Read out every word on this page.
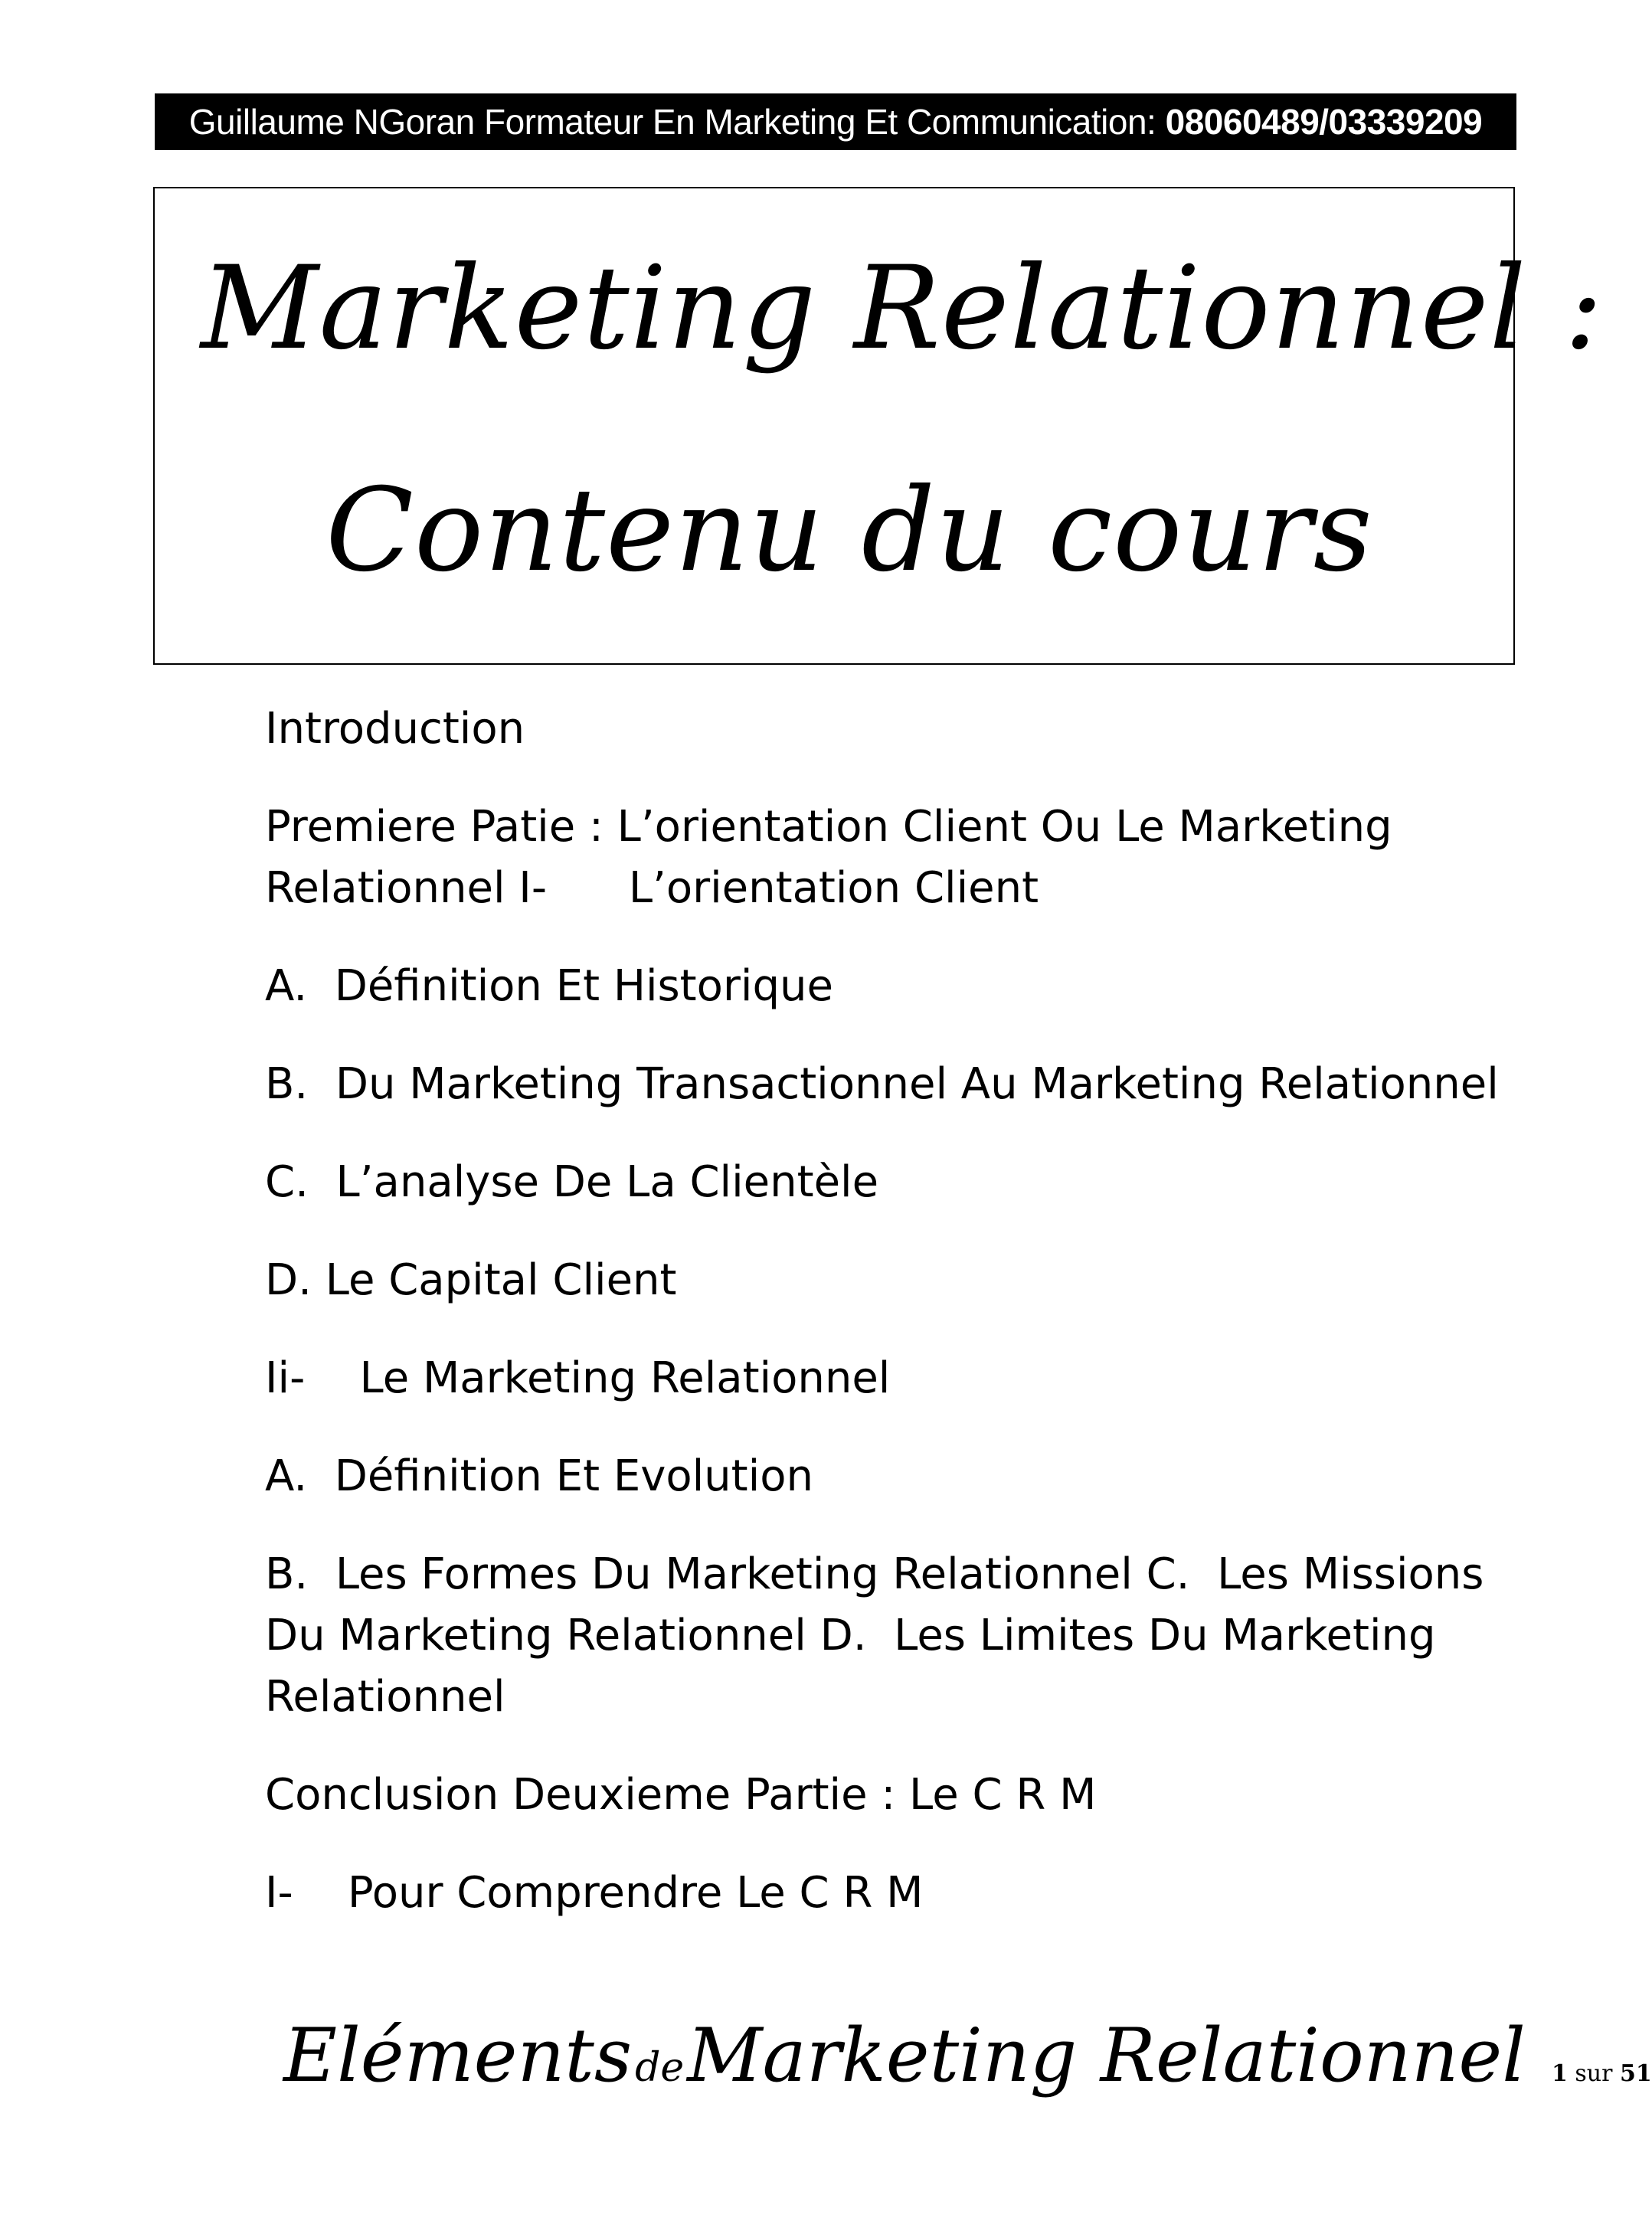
Guillaume NGoran Formateur En Marketing Et Communication: 08060489/03339209
Marketing Relationnel :
Contenu du cours
Introduction
Premiere Patie : L’orientation Client Ou Le Marketing Relationnel I-      L’orientation Client
A.  Définition Et Historique
B.  Du Marketing Transactionnel Au Marketing Relationnel
C.  L’analyse De La Clientèle
D. Le Capital Client
Ii-    Le Marketing Relationnel
A.  Définition Et Evolution
B.  Les Formes Du Marketing Relationnel C.  Les Missions Du Marketing Relationnel D.  Les Limites Du Marketing Relationnel
Conclusion Deuxieme Partie : Le C R M
I-    Pour Comprendre Le C R M
Eléments de Marketing Relationnel 1 sur 51
